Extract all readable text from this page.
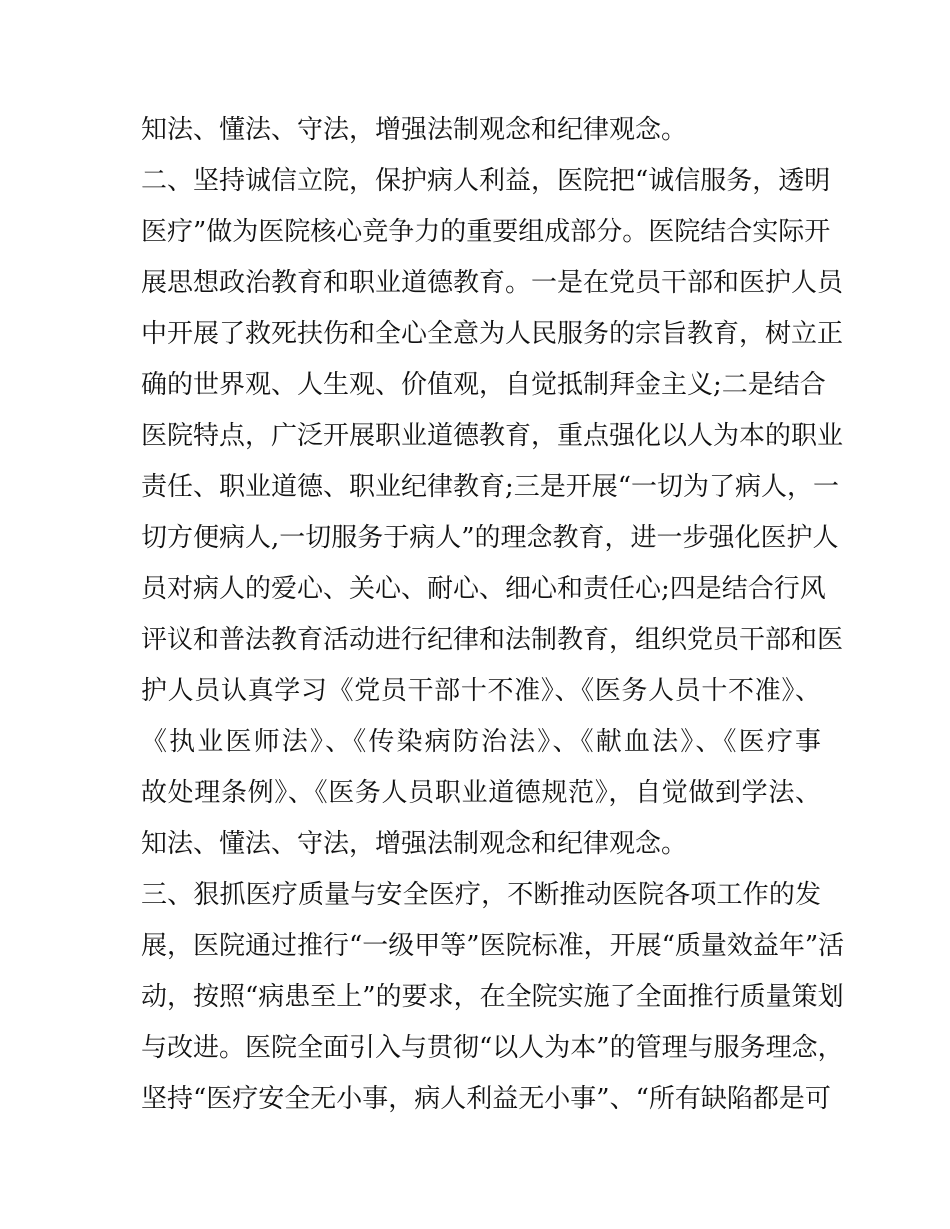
知法、懂法、守法，增强法制观念和纪律观念。
二、坚持诚信立院，保护病人利益，医院把“诚信服务，透明
医疗”做为医院核心竞争力的重要组成部分。医院结合实际开
展思想政治教育和职业道德教育。一是在党员干部和医护人员
中开展了救死扶伤和全心全意为人民服务的宗旨教育，树立正
确的世界观、人生观、价值观，自觉抵制拜金主义;二是结合
医院特点，广泛开展职业道德教育，重点强化以人为本的职业
责任、职业道德、职业纪律教育;三是开展“一切为了病人，一
切方便病人,一切服务于病人”的理念教育，进一步强化医护人
员对病人的爱心、关心、耐心、细心和责任心;四是结合行风
评议和普法教育活动进行纪律和法制教育，组织党员干部和医
护人员认真学习《党员干部十不准》、《医务人员十不准》、
《执业医师法》、《传染病防治法》、《献血法》、《医疗事
故处理条例》、《医务人员职业道德规范》，自觉做到学法、
知法、懂法、守法，增强法制观念和纪律观念。
三、狠抓医疗质量与安全医疗，不断推动医院各项工作的发
展，医院通过推行“一级甲等”医院标准，开展“质量效益年”活
动，按照“病患至上”的要求，在全院实施了全面推行质量策划
与改进。医院全面引入与贯彻“以人为本”的管理与服务理念，
坚持“医疗安全无小事，病人利益无小事”、“所有缺陷都是可
